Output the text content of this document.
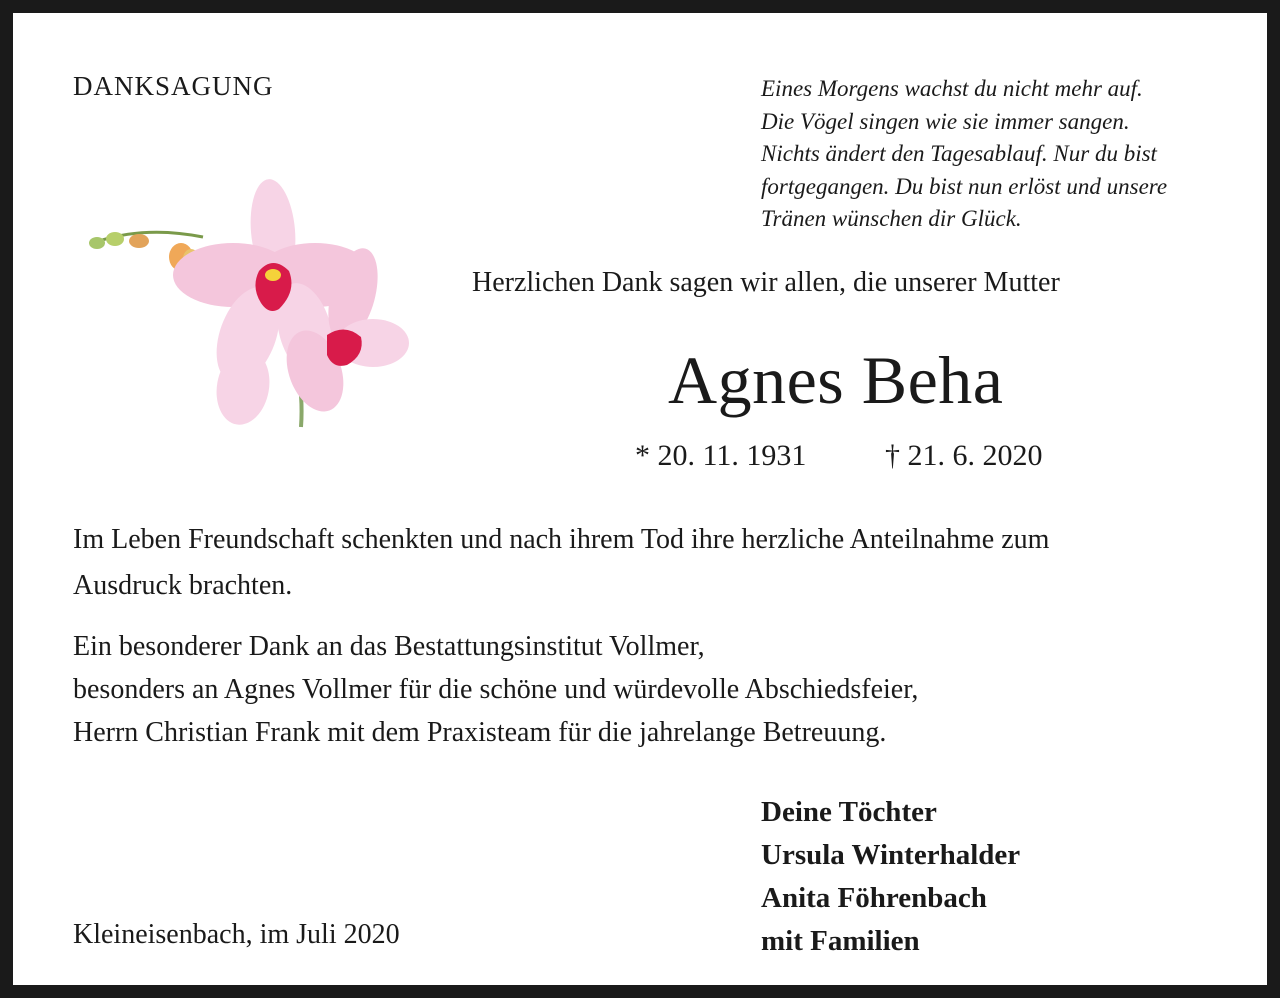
DANKSAGUNG	Eines Morgens wachst du nicht mehr auf.
Die Vögel singen wie sie immer sangen.
Nichts ändert den Tagesablauf. Nur du bist
fortgegangen. Du bist nun erlöst und unsere
Tränen wünschen dir Glück.
Herzlichen Dank sagen wir allen, die unserer Mutter
Agnes Beha
* 20. 11. 1931	† 21. 6. 2020
Im Leben Freundschaft schenkten und nach ihrem Tod ihre herzliche Anteilnahme zum
Ausdruck brachten.
Ein besonderer Dank an das Bestattungsinstitut Vollmer,
besonders an Agnes Vollmer für die schöne und würdevolle Abschiedsfeier,
Herrn Christian Frank mit dem Praxisteam für die jahrelange Betreuung.
Deine Töchter
Ursula Winterhalder
Anita Föhrenbach
mit Familien
Kleineisenbach, im Juli 2020
